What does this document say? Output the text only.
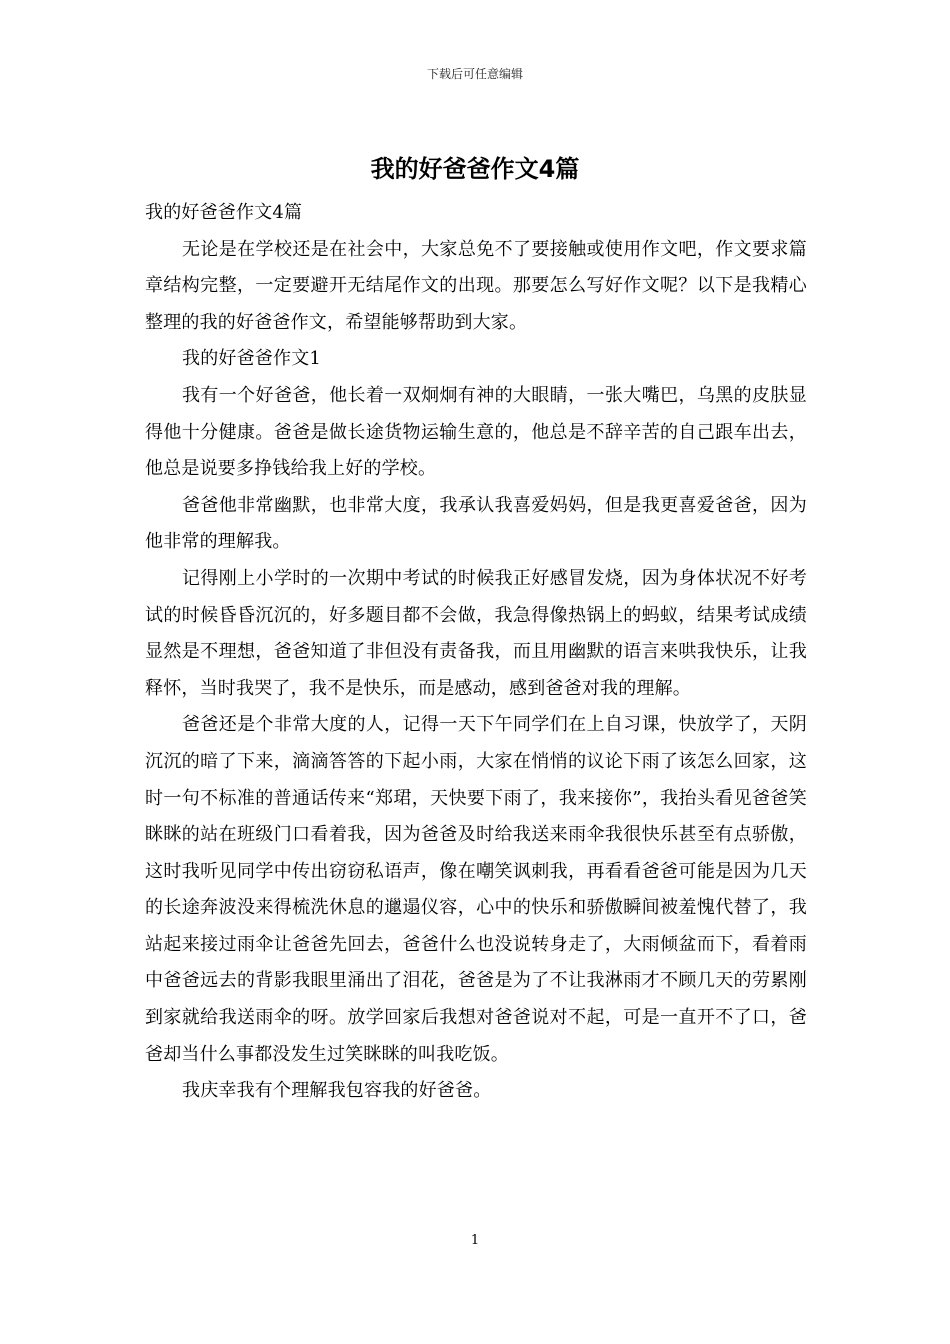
下载后可任意编辑
我的好爸爸作文4篇

我的好爸爸作文4篇

无论是在学校还是在社会中，大家总免不了要接触或使用作文吧，作文要求篇章结构完整，一定要避开无结尾作文的出现。那要怎么写好作文呢？以下是我精心整理的我的好爸爸作文，希望能够帮助到大家。

我的好爸爸作文1

我有一个好爸爸，他长着一双炯炯有神的大眼睛，一张大嘴巴，乌黑的皮肤显得他十分健康。爸爸是做长途货物运输生意的，他总是不辞辛苦的自己跟车出去，他总是说要多挣钱给我上好的学校。

爸爸他非常幽默，也非常大度，我承认我喜爱妈妈，但是我更喜爱爸爸，因为他非常的理解我。

记得刚上小学时的一次期中考试的时候我正好感冒发烧，因为身体状况不好考试的时候昏昏沉沉的，好多题目都不会做，我急得像热锅上的蚂蚁，结果考试成绩显然是不理想，爸爸知道了非但没有责备我，而且用幽默的语言来哄我快乐，让我释怀，当时我哭了，我不是快乐，而是感动，感到爸爸对我的理解。

爸爸还是个非常大度的人，记得一天下午同学们在上自习课，快放学了，天阴沉沉的暗了下来，滴滴答答的下起小雨，大家在悄悄的议论下雨了该怎么回家，这时一句不标准的普通话传来“郑珺，天快要下雨了，我来接你”，我抬头看见爸爸笑眯眯的站在班级门口看着我，因为爸爸及时给我送来雨伞我很快乐甚至有点骄傲，这时我听见同学中传出窃窃私语声，像在嘲笑讽刺我，再看看爸爸可能是因为几天的长途奔波没来得梳洗休息的邋遢仪容，心中的快乐和骄傲瞬间被羞愧代替了，我站起来接过雨伞让爸爸先回去，爸爸什么也没说转身走了，大雨倾盆而下，看着雨中爸爸远去的背影我眼里涌出了泪花，爸爸是为了不让我淋雨才不顾几天的劳累刚到家就给我送雨伞的呀。放学回家后我想对爸爸说对不起，可是一直开不了口，爸爸却当什么事都没发生过笑眯眯的叫我吃饭。

我庆幸我有个理解我包容我的好爸爸。

1
